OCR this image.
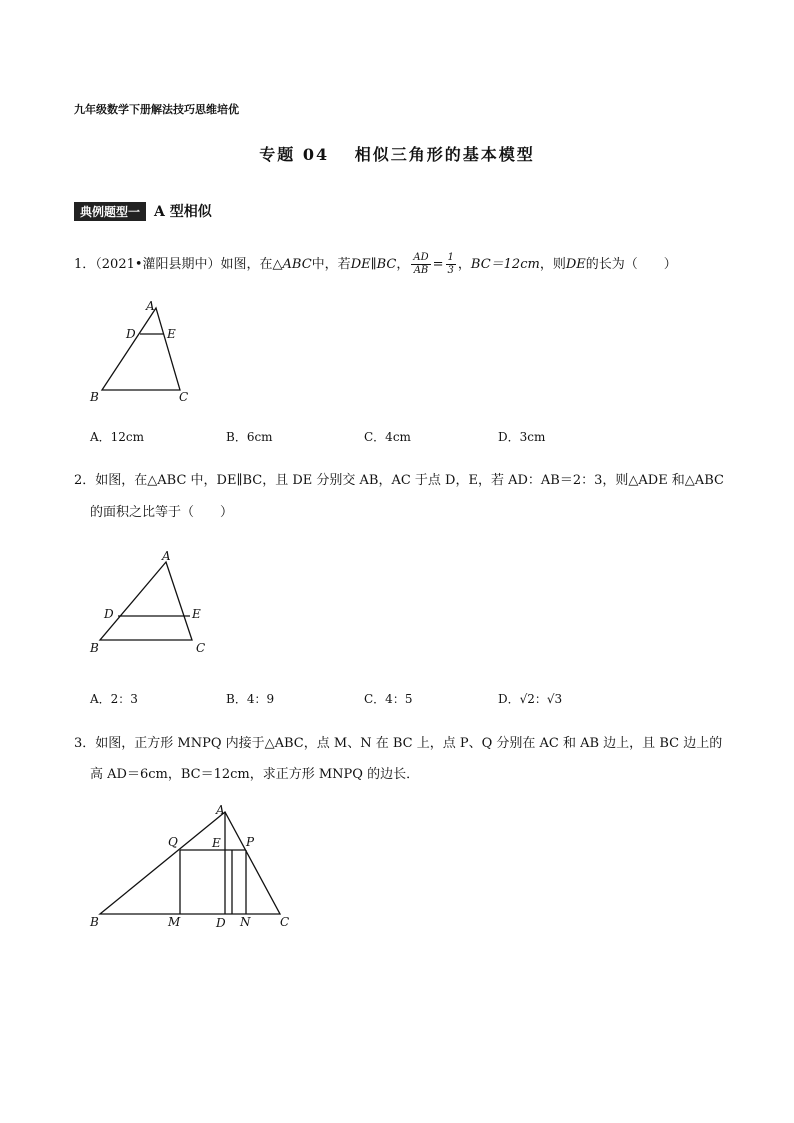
九年级数学下册解法技巧思维培优
专题 04　 相似三角形的基本模型
典例题型一 A 型相似
1．（2021•灌阳县期中）如图，在△ABC中，若DE∥BC， $\frac{AD}{AB} = \frac{1}{3}$ ，BC＝12cm，则DE的长为（　　）
A
D	E
B	C
A．12cm	B．6cm	C．4cm	D．3cm
2．如图，在△ABC 中，DE∥BC，且 DE 分别交 AB，AC 于点 D，E，若 AD：AB＝2：3，则△ADE 和△ABC
的面积之比等于（　　）
A
D	E
B	C
A．2：3	B．4：9	C．4：5	D．√2：√3
3．如图，正方形 MNPQ 内接于△ABC，点 M、N 在 BC 上，点 P、Q 分别在 AC 和 AB 边上，且 BC 边上的
高 AD＝6cm，BC＝12cm，求正方形 MNPQ 的边长．
A
Q	E P
B	M	D N C
